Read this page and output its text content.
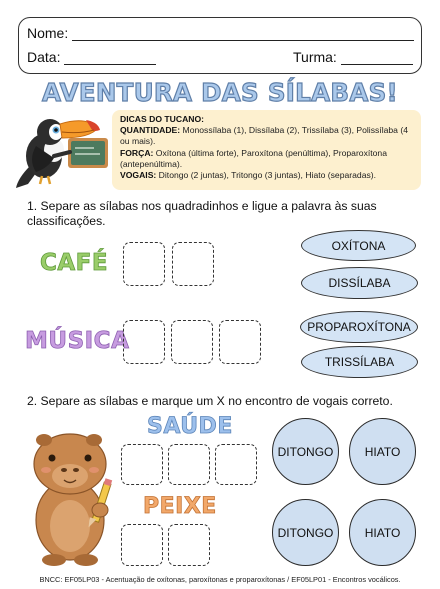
Nome:
Data:	Turma:
AVENTURA DAS SÍLABAS!
DICAS DO TUCANO:
QUANTIDADE: Monossílaba (1), Dissílaba (2), Trissílaba (3), Polissílaba (4 ou mais).
FORÇA: Oxítona (última forte), Paroxítona (penúltima), Proparoxítona (antepenúltima).
VOGAIS: Ditongo (2 juntas), Tritongo (3 juntas), Hiato (separadas).
1. Separe as sílabas nos quadradinhos e ligue a palavra às suas classificações.
CAFÉ
MÚSICA
OXÍTONA
DISSÍLABA
PROPAROXÍTONA
TRISSÍLABA
2. Separe as sílabas e marque um X no encontro de vogais correto.
SAÚDE
DITONGO	HIATO
PEIXE
DITONGO	HIATO
BNCC: EF05LP03 - Acentuação de oxítonas, paroxítonas e proparoxítonas / EF05LP01 - Encontros vocálicos.
